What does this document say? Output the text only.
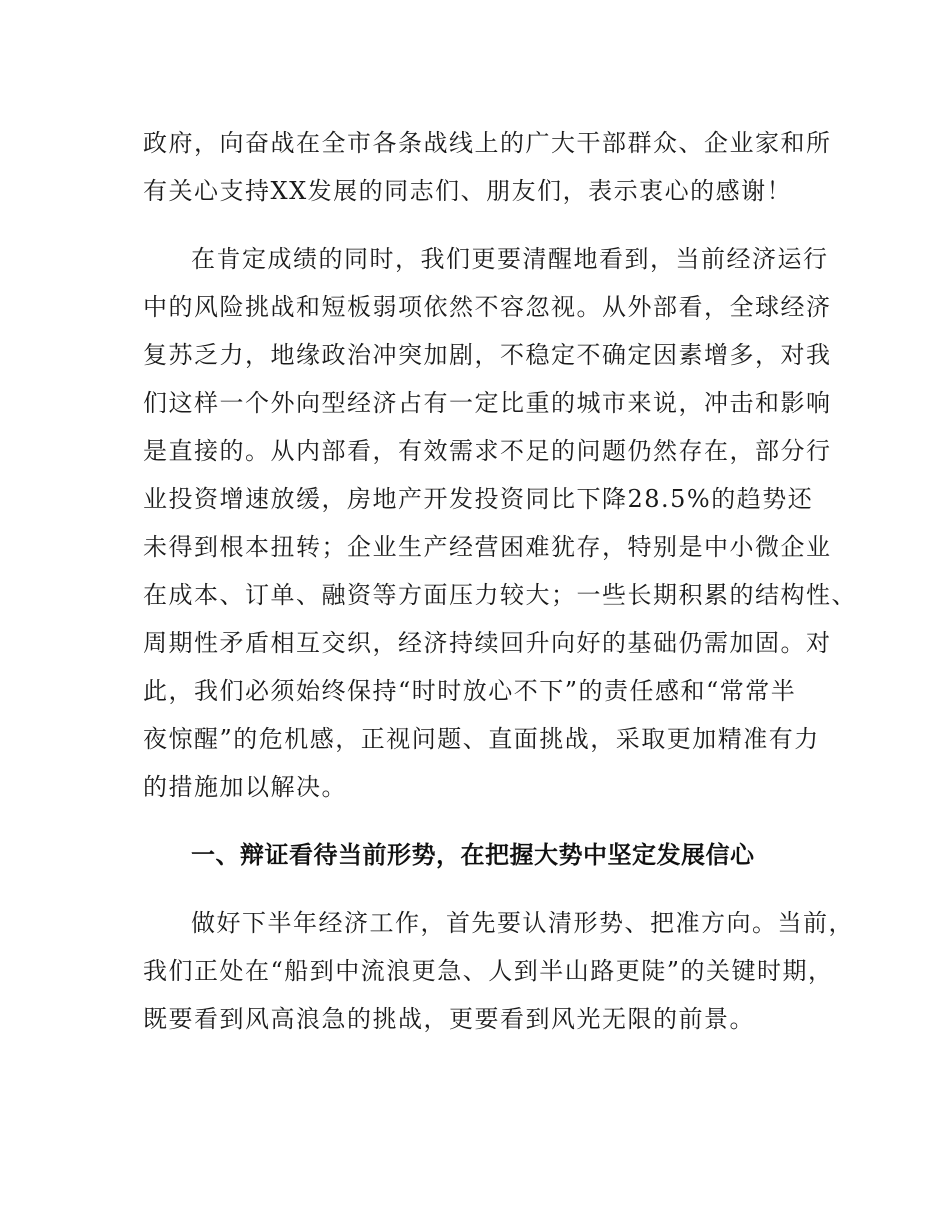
政府，向奋战在全市各条战线上的广大干部群众、企业家和所
有关心支持XX发展的同志们、朋友们，表示衷心的感谢！
在肯定成绩的同时，我们更要清醒地看到，当前经济运行
中的风险挑战和短板弱项依然不容忽视。从外部看，全球经济
复苏乏力，地缘政治冲突加剧，不稳定不确定因素增多，对我
们这样一个外向型经济占有一定比重的城市来说，冲击和影响
是直接的。从内部看，有效需求不足的问题仍然存在，部分行
业投资增速放缓，房地产开发投资同比下降28.5%的趋势还
未得到根本扭转；企业生产经营困难犹存，特别是中小微企业
在成本、订单、融资等方面压力较大；一些长期积累的结构性、
周期性矛盾相互交织，经济持续回升向好的基础仍需加固。对
此，我们必须始终保持“时时放心不下”的责任感和“常常半
夜惊醒”的危机感，正视问题、直面挑战，采取更加精准有力
的措施加以解决。
一、辩证看待当前形势，在把握大势中坚定发展信心
做好下半年经济工作，首先要认清形势、把准方向。当前，
我们正处在“船到中流浪更急、人到半山路更陡”的关键时期，
既要看到风高浪急的挑战，更要看到风光无限的前景。
